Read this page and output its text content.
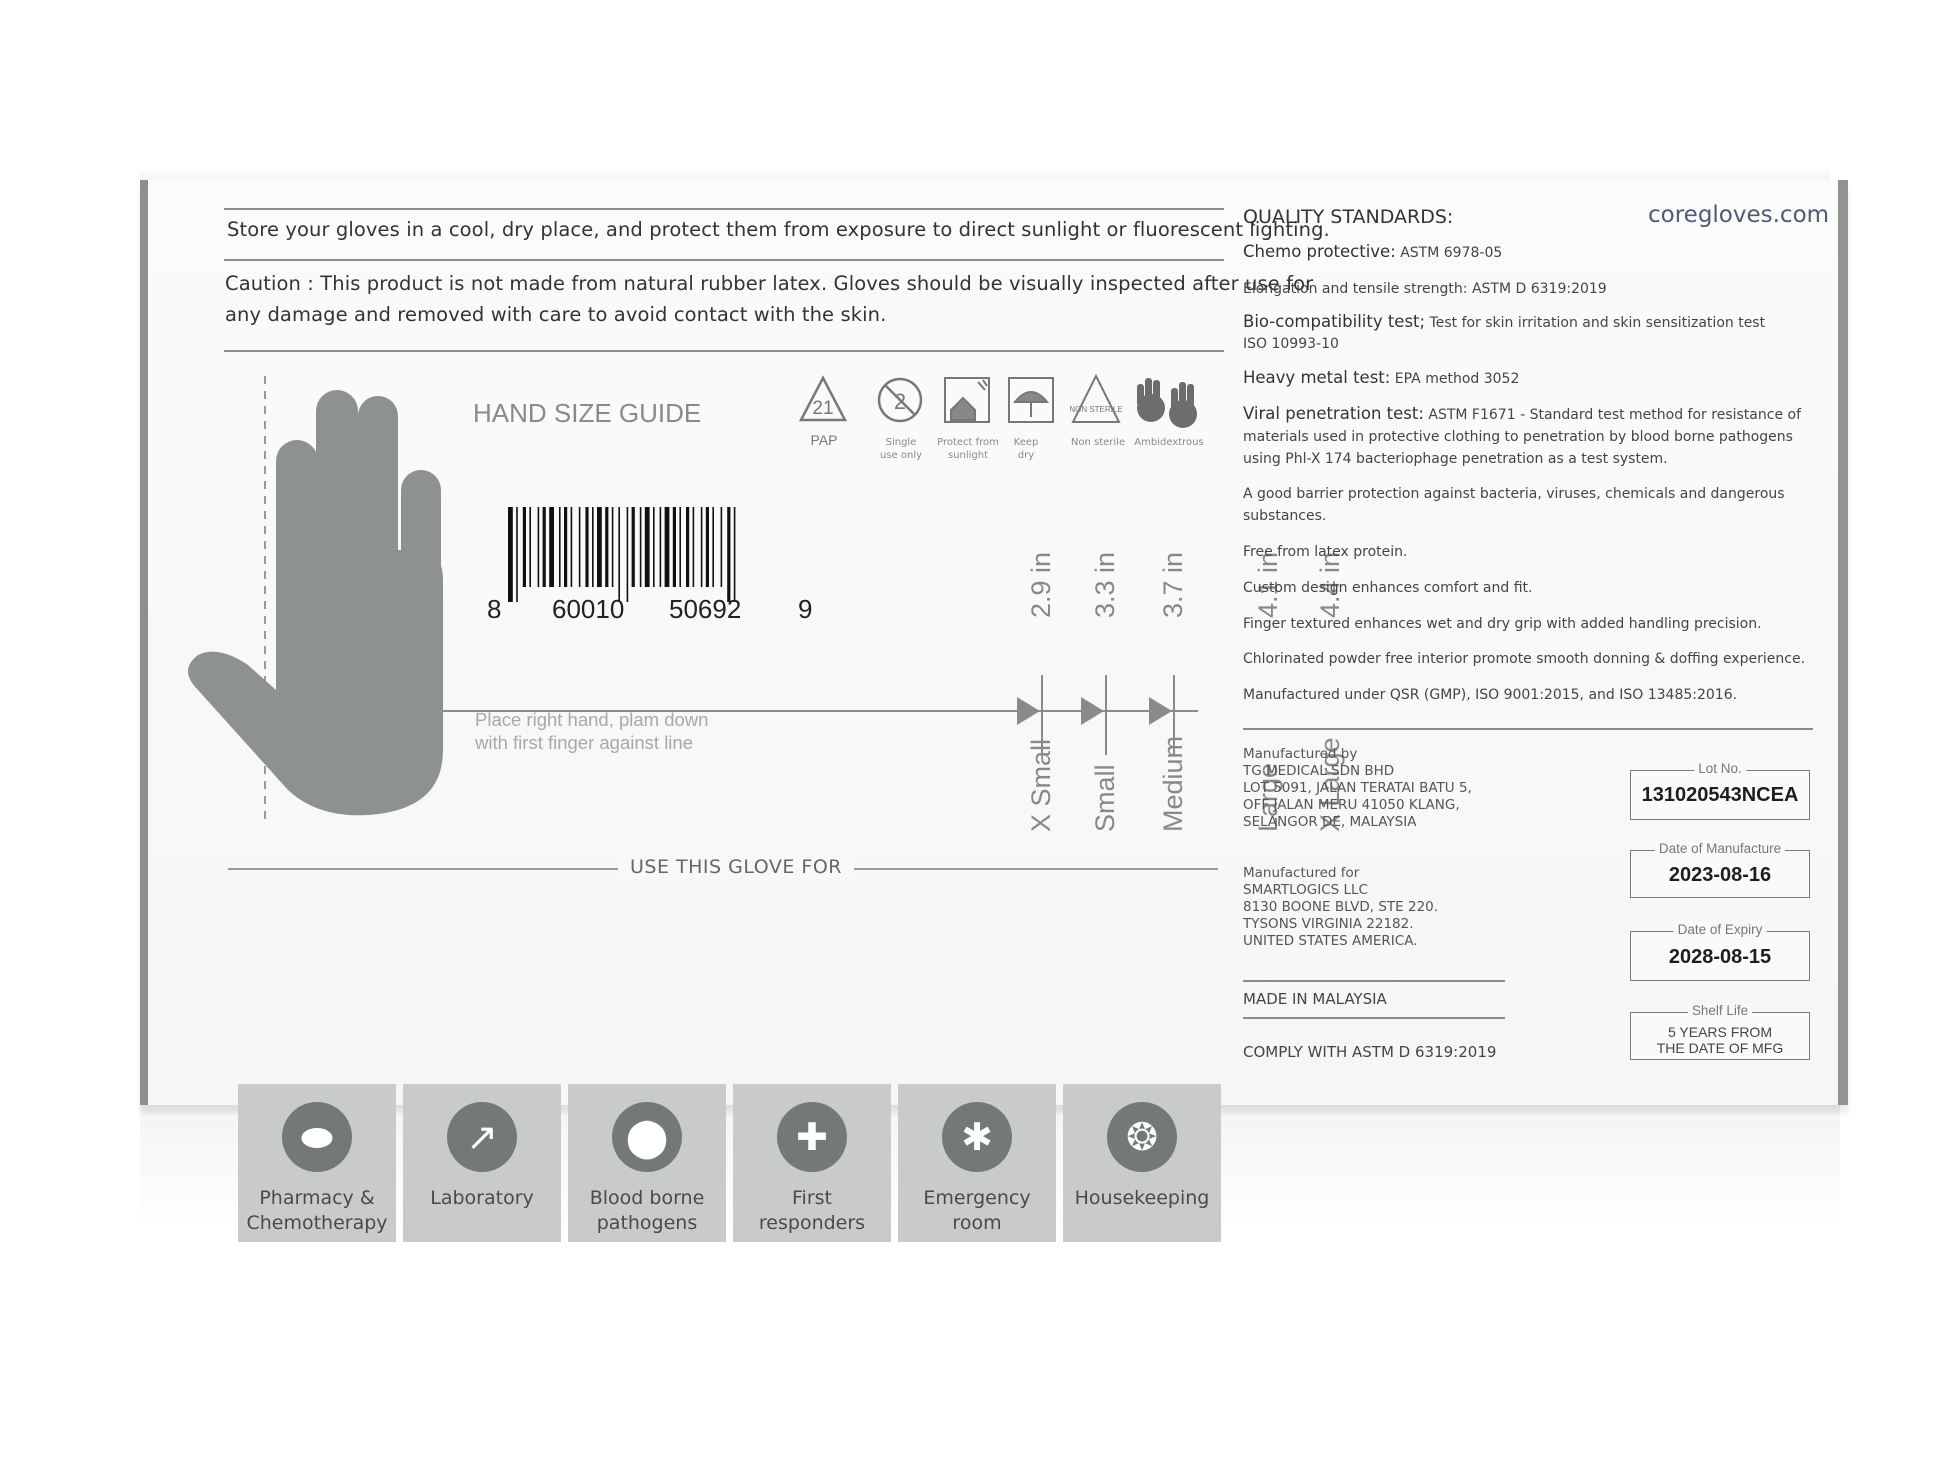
Store your gloves in a cool, dry place, and protect them from exposure to direct sunlight or fluorescent lighting.
Caution : This product is not made from natural rubber latex. Gloves should be visually inspected after use for
any damage and removed with care to avoid contact with the skin.
HAND SIZE GUIDE
Place right hand, plam down
with first finger against line
2.9 in
X Small
3.3 in
Small
3.7 in
Medium
4.1 in
Large
4.4 in
X Large
8 60010 50692 9
21	2	NON STERILE
PAP	Single use only
Protect from sunlight
Keep dry
Non sterile Ambidextrous
USE THIS GLOVE FOR
⬬
Pharmacy &
Chemotherapy
↗
Laboratory
⬤
Blood borne
pathogens
✚
First
responders
✱
Emergency
room
❂
Housekeeping
QUALITY STANDARDS:	coregloves.com
Chemo protective: ASTM 6978-05
Elongation and tensile strength: ASTM D 6319:2019
Bio-compatibility test; Test for skin irritation and skin sensitization test
ISO 10993-10
Heavy metal test: EPA method 3052
Viral penetration test: ASTM F1671 - Standard test method for resistance of
materials used in protective clothing to penetration by blood borne pathogens
using Phl-X 174 bacteriophage penetration as a test system.
A good barrier protection against bacteria, viruses, chemicals and dangerous
substances.
Free from latex protein.
Custom design enhances comfort and fit.
Finger textured enhances wet and dry grip with added handling precision.
Chlorinated powder free interior promote smooth donning & doffing experience.
Manufactured under QSR (GMP), ISO 9001:2015, and ISO 13485:2016.
Manufactured by
TG MEDICAL SDN BHD
LOT 5091, JALAN TERATAI BATU 5,
OFF JALAN MERU 41050 KLANG,
SELANGOR DE, MALAYSIA
Manufactured for
SMARTLOGICS LLC
8130 BOONE BLVD, STE 220.
TYSONS VIRGINIA 22182.
UNITED STATES AMERICA.
MADE IN MALAYSIA
COMPLY WITH ASTM D 6319:2019
Lot No.
131020543NCEA
Date of Manufacture
2023-08-16
Date of Expiry
2028-08-15
Shelf Life
5 YEARS FROM
THE DATE OF MFG
